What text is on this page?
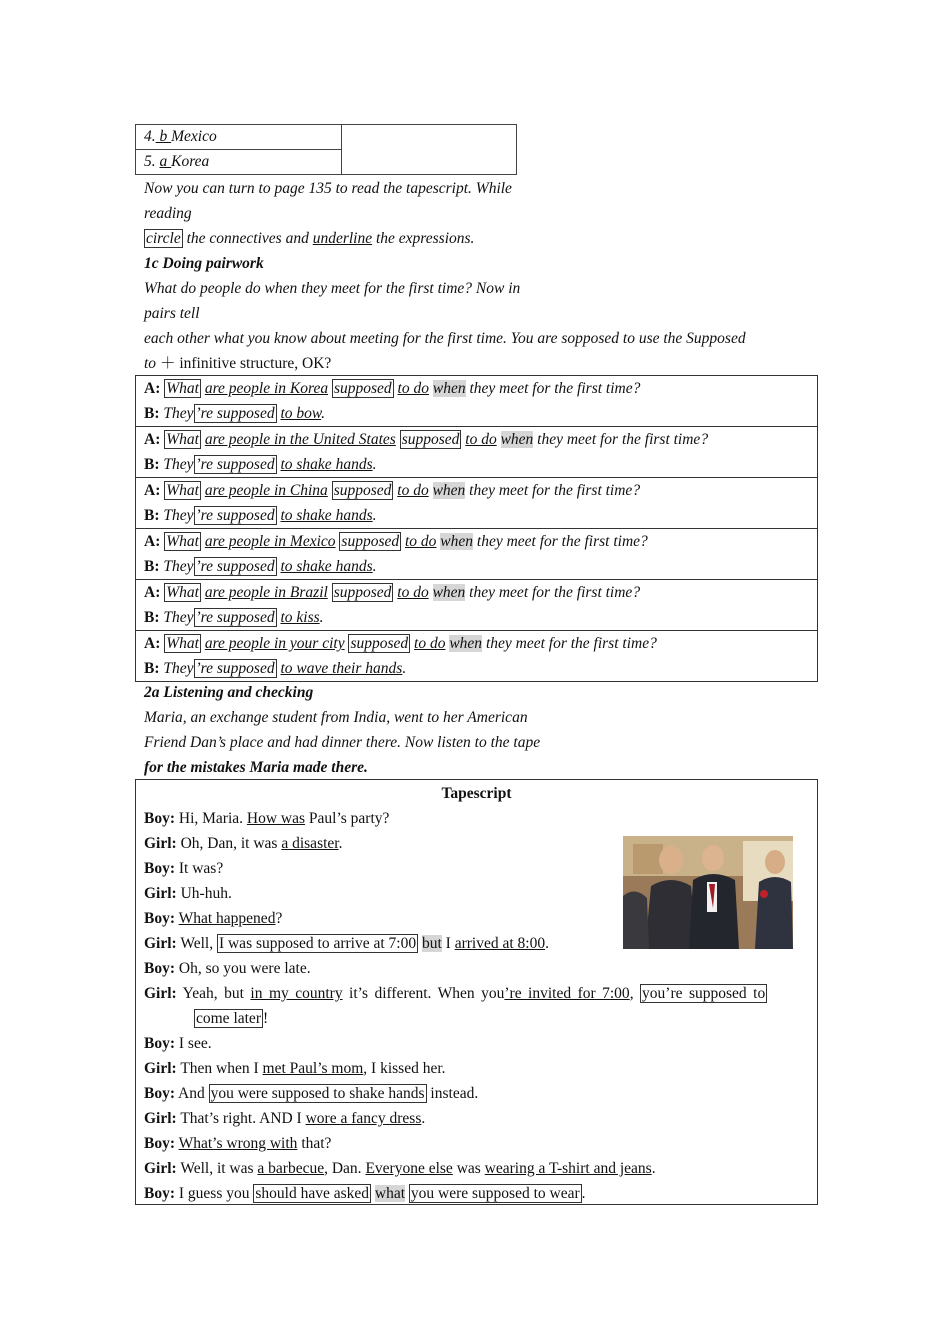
4. b Mexico	
5. a Korea
Now you can turn to page 135 to read the tapescript. While
reading
circle the connectives and underline the expressions.
1c Doing pairwork
What do people do when they meet for the first time? Now in
pairs tell
each other what you know about meeting for the first time. You are sopposed to use the Supposed
to ＋ infinitive structure, OK?
A: What are people in Korea supposed to do when they meet for the first time?
B: They ’re supposed to bow.
A: What are people in the United States supposed to do when they meet for the first time?
B: They ’re supposed to shake hands.
A: What are people in China supposed to do when they meet for the first time?
B: They ’re supposed to shake hands.
A: What are people in Mexico supposed to do when they meet for the first time?
B: They ’re supposed to shake hands.
A: What are people in Brazil supposed to do when they meet for the first time?
B: They ’re supposed to kiss.
A: What are people in your city supposed to do when they meet for the first time?
B: They ’re supposed to wave their hands.
2a Listening and checking
Maria, an exchange student from India, went to her American
Friend Dan’s place and had dinner there. Now listen to the tape
for the mistakes Maria made there.
Tapescript
Boy: Hi, Maria. How was Paul’s party?
Girl: Oh, Dan, it was a disaster.
Boy: It was?
Girl: Uh-huh.
Boy: What happened?
Girl: Well, I was supposed to arrive at 7:00 but I arrived at 8:00.
Boy: Oh, so you were late.
Girl: Yeah, but in my country it’s different. When you’re invited for 7:00, you’re supposed to
come later !
Boy: I see.
Girl: Then when I met Paul’s mom, I kissed her.
Boy: And you were supposed to shake hands instead.
Girl: That’s right. AND I wore a fancy dress.
Boy: What’s wrong with that?
Girl: Well, it was a barbecue, Dan. Everyone else was wearing a T-shirt and jeans.
Boy: I guess you should have asked what you were supposed to wear .
